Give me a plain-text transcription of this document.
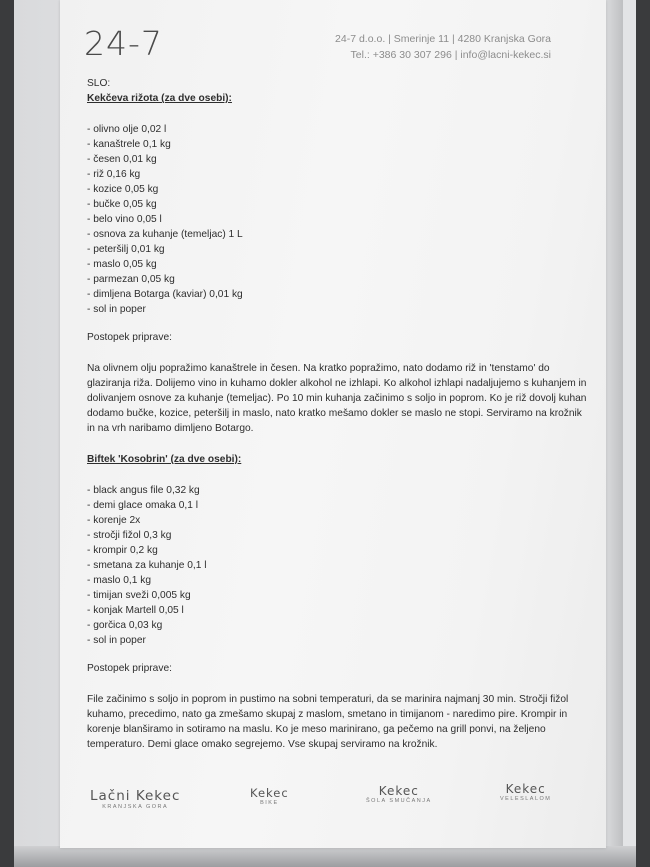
24-7	24-7 d.o.o. | Smerinje 11 | 4280 Kranjska Gora
Tel.: +386 30 307 296 | info@lacni-kekec.si
SLO:
Kekčeva rižota (za dve osebi):
- olivno olje 0,02 l
- kanaštrele 0,1 kg
- česen 0,01 kg
- riž 0,16 kg
- kozice 0,05 kg
- bučke 0,05 kg
- belo vino 0,05 l
- osnova za kuhanje (temeljac) 1 L
- peteršilj 0,01 kg
- maslo 0,05 kg
- parmezan 0,05 kg
- dimljena Botarga (kaviar) 0,01 kg
- sol in poper
Postopek priprave:

Na olivnem olju popražimo kanaštrele in česen. Na kratko popražimo, nato dodamo riž in 'tenstamo' do glaziranja riža. Dolijemo vino in kuhamo dokler alkohol ne izhlapi. Ko alkohol izhlapi nadaljujemo s kuhanjem in dolivanjem osnove za kuhanje (temeljac). Po 10 min kuhanja začinimo s soljo in poprom. Ko je riž dovolj kuhan dodamo bučke, kozice, peteršilj in maslo, nato kratko mešamo dokler se maslo ne stopi. Serviramo na krožnik in na vrh naribamo dimljeno Botargo.

Biftek 'Kosobrin' (za dve osebi):
- black angus file 0,32 kg
- demi glace omaka 0,1 l
- korenje 2x
- stročji fižol 0,3 kg
- krompir 0,2 kg
- smetana za kuhanje 0,1 l
- maslo 0,1 kg
- timijan sveži 0,005 kg
- konjak Martell 0,05 l
- gorčica 0,03 kg
- sol in poper
Postopek priprave:

File začinimo s soljo in poprom in pustimo na sobni temperaturi, da se marinira najmanj 30 min. Stročji fižol kuhamo, precedimo, nato ga zmešamo skupaj z maslom, smetano in timijanom - naredimo pire. Krompir in korenje blanširamo in sotiramo na maslu. Ko je meso marinirano, ga pečemo na grill ponvi, na željeno temperaturo. Demi glace omako segrejemo. Vse skupaj serviramo na krožnik.

Lačni Kekec
KRANJSKA GORA
Kekec
BIKE
Kekec
ŠOLA SMUČANJA
Kekec
VELESLALOM
